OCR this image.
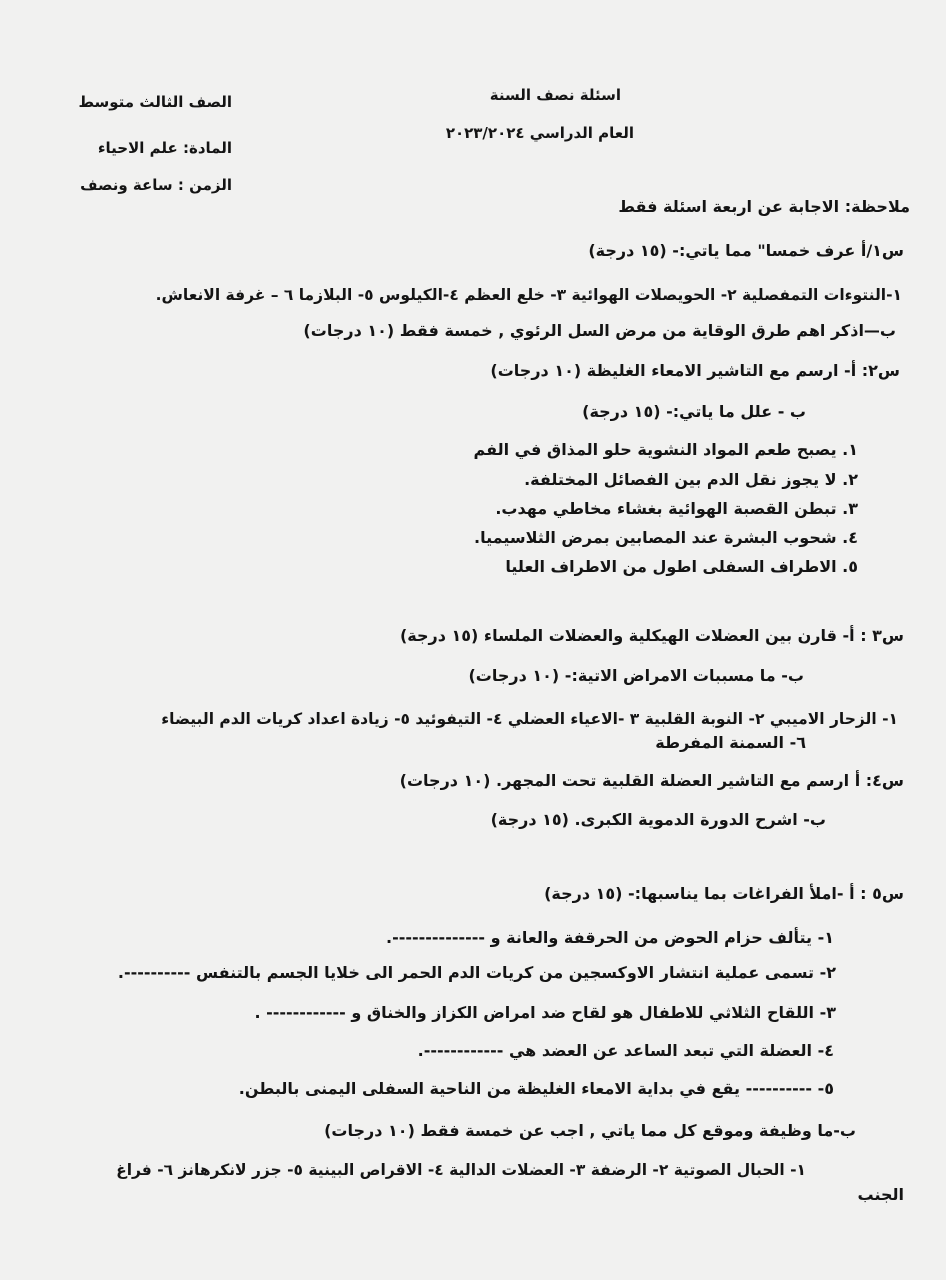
الصف الثالث متوسط
المادة: علم الاحياء
الزمن : ساعة ونصف
اسئلة نصف السنة
العام الدراسي ٢٠٢٣/٢٠٢٤
ملاحظة: الاجابة عن اربعة اسئلة فقط
س١/أ عرف خمسا" مما ياتي:- (١٥ درجة)
١-النتوءات التمفصلية ٢- الحويصلات الهوائية ٣- خلع العظم ٤-الكيلوس ٥- البلازما ٦ – غرفة الانعاش.
ب—اذكر اهم طرق الوقاية من مرض السل الرئوي , خمسة فقط (١٠ درجات)
س٢: أ- ارسم مع التاشير الامعاء الغليظة (١٠ درجات)
ب - علل ما ياتي:- (١٥ درجة)
١. يصبح طعم المواد النشوية حلو المذاق في الفم
٢. لا يجوز نقل الدم بين الفصائل المختلفة.
٣. تبطن القصبة الهوائية بغشاء مخاطي مهدب.
٤. شحوب البشرة عند المصابين بمرض الثلاسيميا.
٥. الاطراف السفلى اطول من الاطراف العليا
س٣ : أ- قارن بين العضلات الهيكلية والعضلات الملساء (١٥ درجة)
ب- ما مسببات الامراض الاتية:- (١٠ درجات)
١- الزحار الاميبي ٢- النوبة القلبية ٣ -الاعياء العضلي ٤- التيفوئيد ٥- زيادة اعداد كريات الدم البيضاء
٦- السمنة المفرطة
س٤: أ ارسم مع التاشير العضلة القلبية تحت المجهر. (١٠ درجات)
ب- اشرح الدورة الدموية الكبرى. (١٥ درجة)
س٥ : أ -املأ الفراغات بما يناسبها:- (١٥ درجة)
١- يتألف حزام الحوض من الحرقفة والعانة و --------------.
٢- تسمى عملية انتشار الاوكسجين من كريات الدم الحمر الى خلايا الجسم بالتنفس ----------.
٣- اللقاح الثلاثي للاطفال هو لقاح ضد امراض الكزاز والخناق و ------------ .
٤- العضلة التي تبعد الساعد عن العضد هي ------------.
٥- ---------- يقع في بداية الامعاء الغليظة من الناحية السفلى اليمنى بالبطن.
ب-ما وظيفة وموقع كل مما ياتي , اجب عن خمسة فقط (١٠ درجات)
١- الحبال الصوتية ٢- الرضفة ٣- العضلات الدالية ٤- الاقراص البينية ٥- جزر لانكرهانز ٦- فراغ
الجنب
